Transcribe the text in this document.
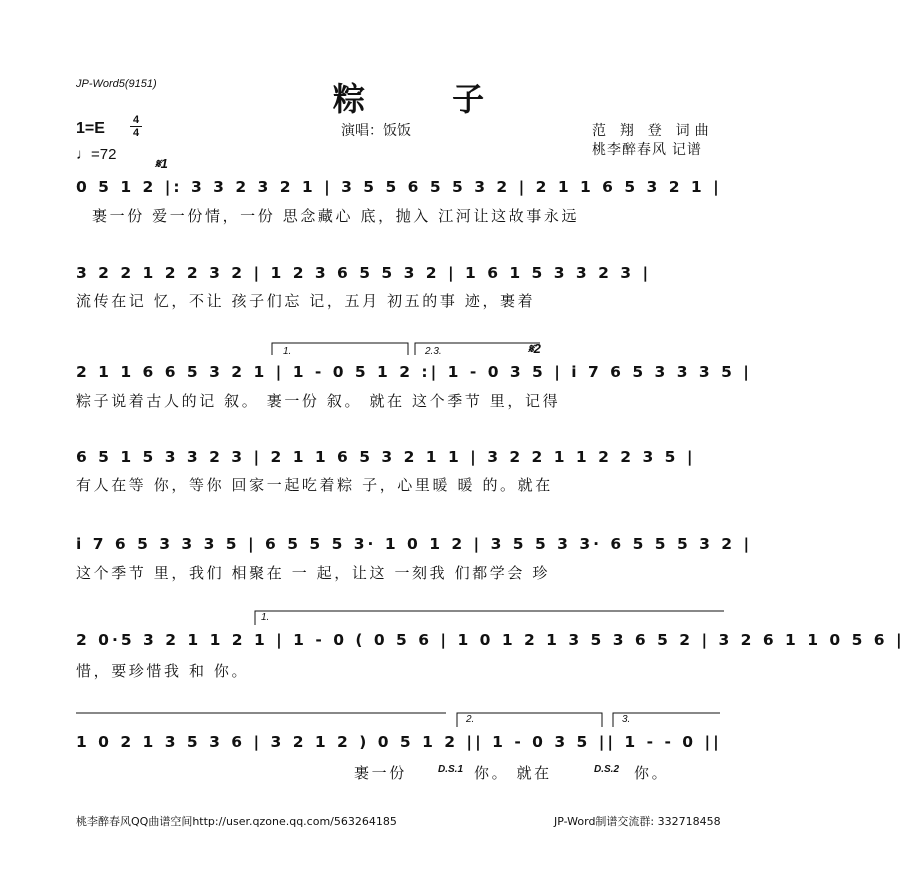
JP-Word5(9151)	粽 子
1=E	4
4
♩=72
演唱：饭饭	范 翔 登 词曲
桃李醉春风 记谱
𝄋1
𝄋2
1.	2.3.
1.
2.	3.
0 5 1 2 |: 3 3 2 3 2 1 | 3 5 5 6 5 5 3 2 | 2 1 1 6 5 3 2 1 |
裹一份 爱一份情，一份 思念藏心 底，抛入 江河让这故事永远
3 2 2 1 2 2 3 2 | 1 2 3 6 5 5 3 2 | 1 6 1 5 3 3 2 3 |
流传在记 忆，不让 孩子们忘 记，五月 初五的事 迹，裹着
2 1 1 6 6 5 3 2 1 | 1 - 0 5 1 2 :| 1 - 0 3 5 | i 7 6 5 3 3 3 5 |
粽子说着古人的记 叙。 裹一份 叙。 就在 这个季节 里，记得
6 5 1 5 3 3 2 3 | 2 1 1 6 5 3 2 1 1 | 3 2 2 1 1 2 2 3 5 |
有人在等 你，等你 回家一起吃着粽 子，心里暖 暖 的。就在
i 7 6 5 3 3 3 5 | 6 5 5 5 3· 1 0 1 2 | 3 5 5 3 3· 6 5 5 5 3 2 |
这个季节 里，我们 相聚在 一 起，让这 一刻我 们都学会 珍
2 0·5 3 2 1 1 2 1 | 1 - 0 ( 0 5 6 | 1 0 1 2 1 3 5 3 6 5 2 | 3 2 6 1 1 0 5 6 |
惜，要珍惜我 和 你。
1 0 2 1 3 5 3 6 | 3 2 1 2 ) 0 5 1 2 || 1 - 0 3 5 || 1 - - 0 ||
裹一份	D.S.1 你。 就在	D.S.2 你。
桃李醉春风QQ曲谱空间http://user.qzone.qq.com/563264185	JP-Word制谱交流群: 332718458
